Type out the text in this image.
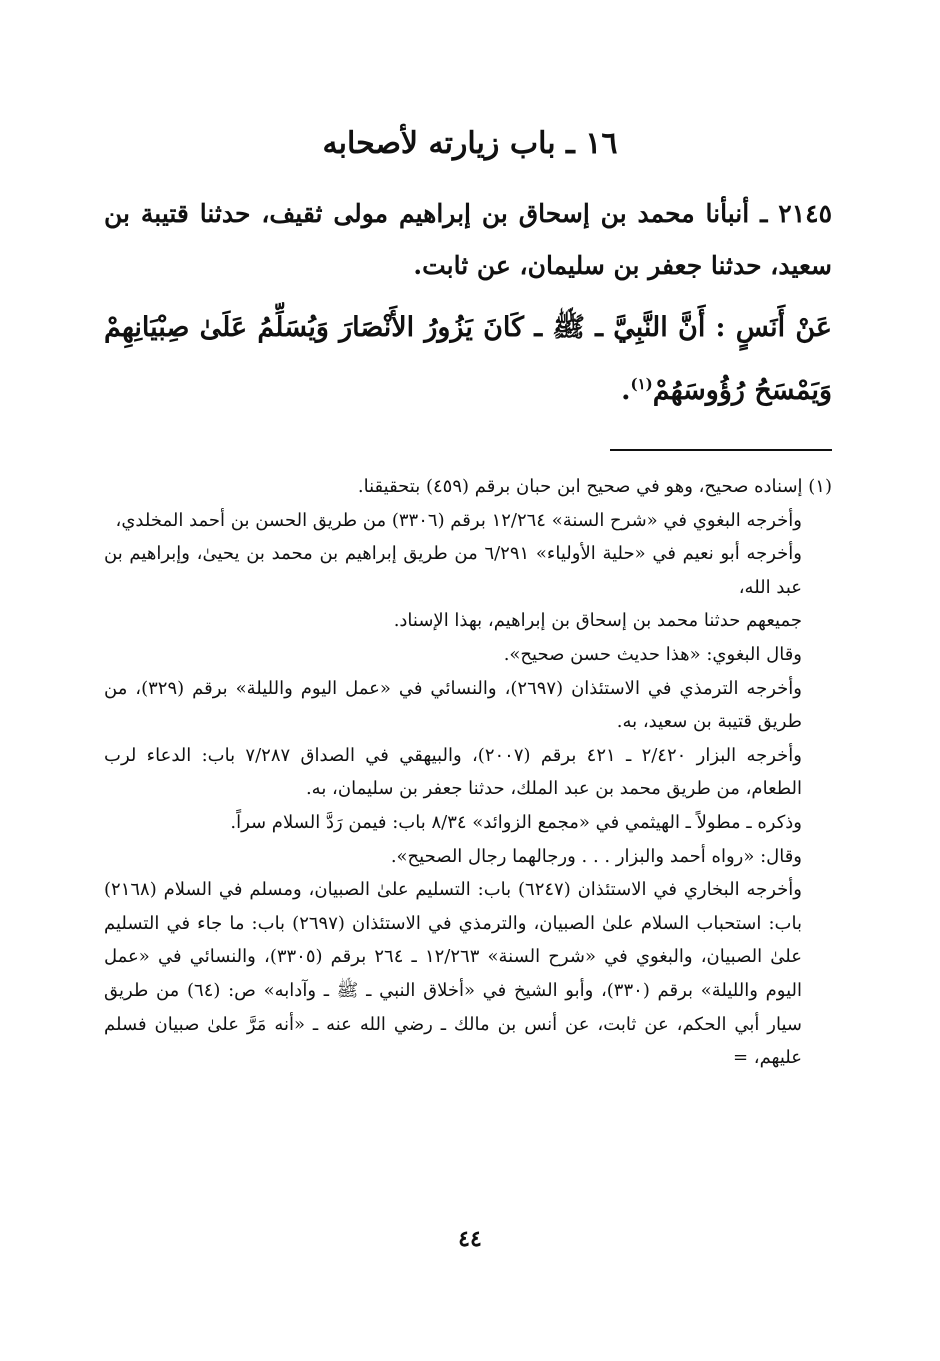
١٦ ـ باب زيارته لأصحابه
٢١٤٥ ـ أنبأنا محمد بن إسحاق بن إبراهيم مولى ثقيف، حدثنا قتيبة بن سعيد، حدثنا جعفر بن سليمان، عن ثابت.
عَنْ أَنَسٍ : أَنَّ النَّبِيَّ ـ ﷺ ـ كَانَ يَزُورُ الأَنْصَارَ وَيُسَلِّمُ عَلَىٰ صِبْيَانِهِمْ وَيَمْسَحُ رُؤُوسَهُمْ$^{(١)}$.

(١) إسناده صحيح، وهو في صحيح ابن حبان برقم (٤٥٩) بتحقيقنا.

وأخرجه البغوي في «شرح السنة» ١٢/٢٦٤ برقم (٣٣٠٦) من طريق الحسن بن أحمد المخلدي،

وأخرجه أبو نعيم في «حلية الأولياء» ٦/٢٩١ من طريق إبراهيم بن محمد بن يحيىٰ، وإبراهيم بن عبد الله،

جميعهم حدثنا محمد بن إسحاق بن إبراهيم، بهذا الإسناد.

وقال البغوي: «هذا حديث حسن صحيح».

وأخرجه الترمذي في الاستئذان (٢٦٩٧)، والنسائي في «عمل اليوم والليلة» برقم (٣٢٩)، من طريق قتيبة بن سعيد، به.

وأخرجه البزار ٢/٤٢٠ ـ ٤٢١ برقم (٢٠٠٧)، والبيهقي في الصداق ٧/٢٨٧ باب: الدعاء لرب الطعام، من طريق محمد بن عبد الملك، حدثنا جعفر بن سليمان، به.

وذكره ـ مطولاً ـ الهيثمي في «مجمع الزوائد» ٨/٣٤ باب: فيمن رَدَّ السلام سراً.

وقال: «رواه أحمد والبزار . . . ورجالهما رجال الصحيح».

وأخرجه البخاري في الاستئذان (٦٢٤٧) باب: التسليم علىٰ الصبيان، ومسلم في السلام (٢١٦٨) باب: استحباب السلام علىٰ الصبيان، والترمذي في الاستئذان (٢٦٩٧) باب: ما جاء في التسليم علىٰ الصبيان، والبغوي في «شرح السنة» ١٢/٢٦٣ ـ ٢٦٤ برقم (٣٣٠٥)، والنسائي في «عمل اليوم والليلة» برقم (٣٣٠)، وأبو الشيخ في «أخلاق النبي ـ ﷺ ـ وآدابه» ص: (٦٤) من طريق سيار أبي الحكم، عن ثابت، عن أنس بن مالك ـ رضي الله عنه ـ «أنه مَرَّ علىٰ صبيان فسلم عليهم، =

٤٤
